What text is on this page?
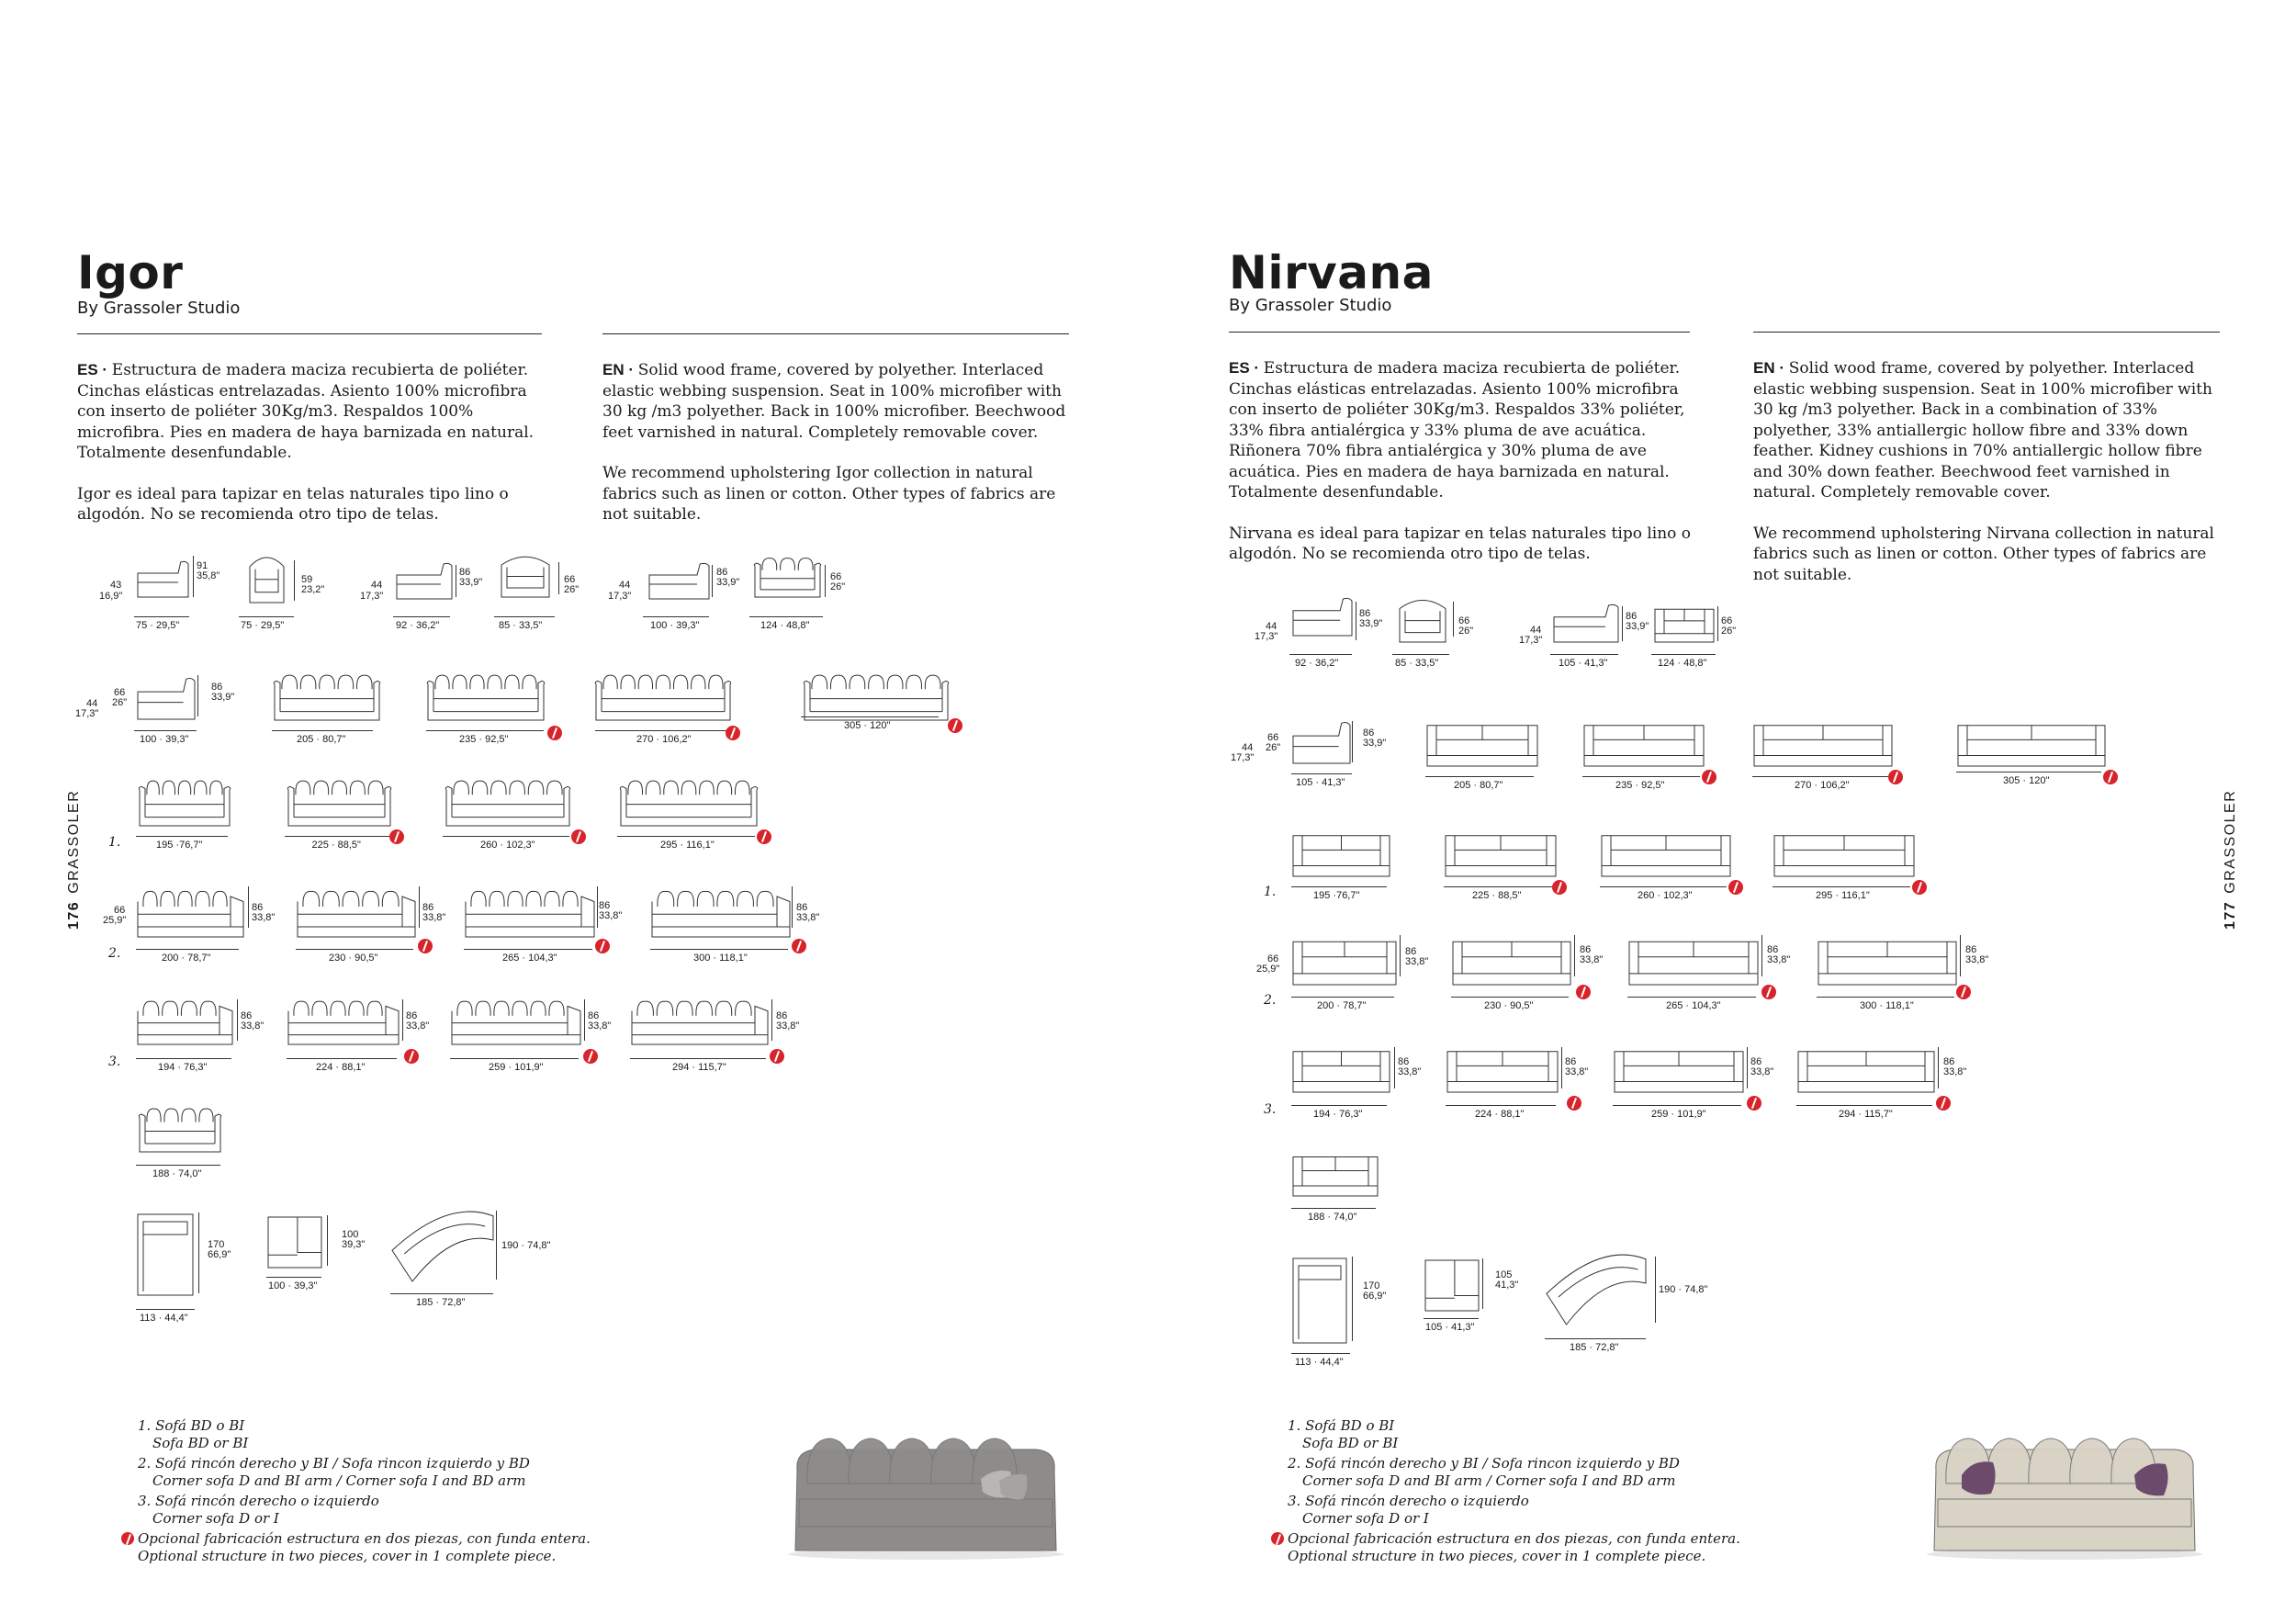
Igor
By Grassoler Studio

ES · Estructura de madera maciza recubierta de poliéter. Cinchas elásticas entrelazadas. Asiento 100% microfibra con inserto de poliéter 30Kg/m3. Respaldos 100% microfibra. Pies en madera de haya barnizada en natural. Totalmente desenfundable.

Igor es ideal para tapizar en telas naturales tipo lino o algodón. No se recomienda otro tipo de telas.

EN · Solid wood frame, covered by polyether. Interlaced elastic webbing suspension. Seat in 100% microfiber with 30 kg /m3 polyether. Back in 100% microfiber. Beechwood feet varnished in natural. Completely removable cover.

We recommend upholstering Igor collection in natural fabrics such as linen or cotton. Other types of fabrics are not suitable.

176GRASSOLER
43
16,9"
91
35,8"
75 · 29,5"
59
23,2"
75 · 29,5"
44
17,3"
86
33,9"
92 · 36,2"
66
26"
85 · 33,5"
44
17,3"
86
33,9"
100 · 39,3"
66
26"
124 · 48,8"
44
17,3"
66
26"
86
33,9"
100 · 39,3"	205 · 80,7"	235 · 92,5"	270 · 106,2"
305 · 120"
1.	195 ·76,7"	225 · 88,5"	260 · 102,3"	295 · 116,1"
2.
66
25,9"
86
33,8"
200 · 78,7"
86
33,8"
230 · 90,5"
86
33,8"
265 · 104,3"
86
33,8"
300 · 118,1"
3.
86
33,8"
194 · 76,3"
86
33,8"
224 · 88,1"
86
33,8"
259 · 101,9"
86
33,8"
294 · 115,7"
188 · 74,0"
170
66,9"
113 · 44,4"
100
39,3"
100 · 39,3"
190 · 74,8"
185 · 72,8"
1. Sofá BD o BI
Sofa BD or BI
2. Sofá rincón derecho y BI / Sofa rincon izquierdo y BD
Corner sofa D and BI arm / Corner sofa I and BD arm
3. Sofá rincón derecho o izquierdo
Corner sofa D or I
Opcional fabricación estructura en dos piezas, con funda entera.
Optional structure in two pieces, cover in 1 complete piece.
Nirvana
By Grassoler Studio

ES · Estructura de madera maciza recubierta de poliéter. Cinchas elásticas entrelazadas. Asiento 100% microfibra con inserto de poliéter 30Kg/m3. Respaldos 33% poliéter, 33% fibra antialérgica y 33% pluma de ave acuática. Riñonera 70% fibra antialérgica y 30% pluma de ave acuática. Pies en madera de haya barnizada en natural. Totalmente desenfundable.

Nirvana es ideal para tapizar en telas naturales tipo lino o algodón. No se recomienda otro tipo de telas.

EN · Solid wood frame, covered by polyether. Interlaced elastic webbing suspension. Seat in 100% microfiber with 30 kg /m3 polyether. Back in a combination of 33% polyether, 33% antiallergic hollow fibre and 33% down feather. Kidney cushions in 70% antiallergic hollow fibre and 30% down feather. Beechwood feet varnished in natural. Completely removable cover.

We recommend upholstering Nirvana collection in natural fabrics such as linen or cotton. Other types of fabrics are not suitable.

177GRASSOLER
44
17,3"
86
33,9"
92 · 36,2"
66
26"
85 · 33,5"
44
17,3"
86
33,9"
105 · 41,3"
66
26"
124 · 48,8"
44
17,3"
66
26"
86
33,9"
105 · 41,3"	205 · 80,7"	235 · 92,5"	270 · 106,2"	305 · 120"
1.	195 ·76,7"	225 · 88,5"	260 · 102,3"	295 · 116,1"
2.
66
25,9"
86
33,8"
200 · 78,7"
86
33,8"
230 · 90,5"
86
33,8"
265 · 104,3"
86
33,8"
300 · 118,1"
3.
86
33,8"
194 · 76,3"
86
33,8"
224 · 88,1"
86
33,8"
259 · 101,9"
86
33,8"
294 · 115,7"
188 · 74,0"
170
66,9"
113 · 44,4"
105
41,3"
105 · 41,3"
190 · 74,8"
185 · 72,8"
1. Sofá BD o BI
Sofa BD or BI
2. Sofá rincón derecho y BI / Sofa rincon izquierdo y BD
Corner sofa D and BI arm / Corner sofa I and BD arm
3. Sofá rincón derecho o izquierdo
Corner sofa D or I
Opcional fabricación estructura en dos piezas, con funda entera.
Optional structure in two pieces, cover in 1 complete piece.
